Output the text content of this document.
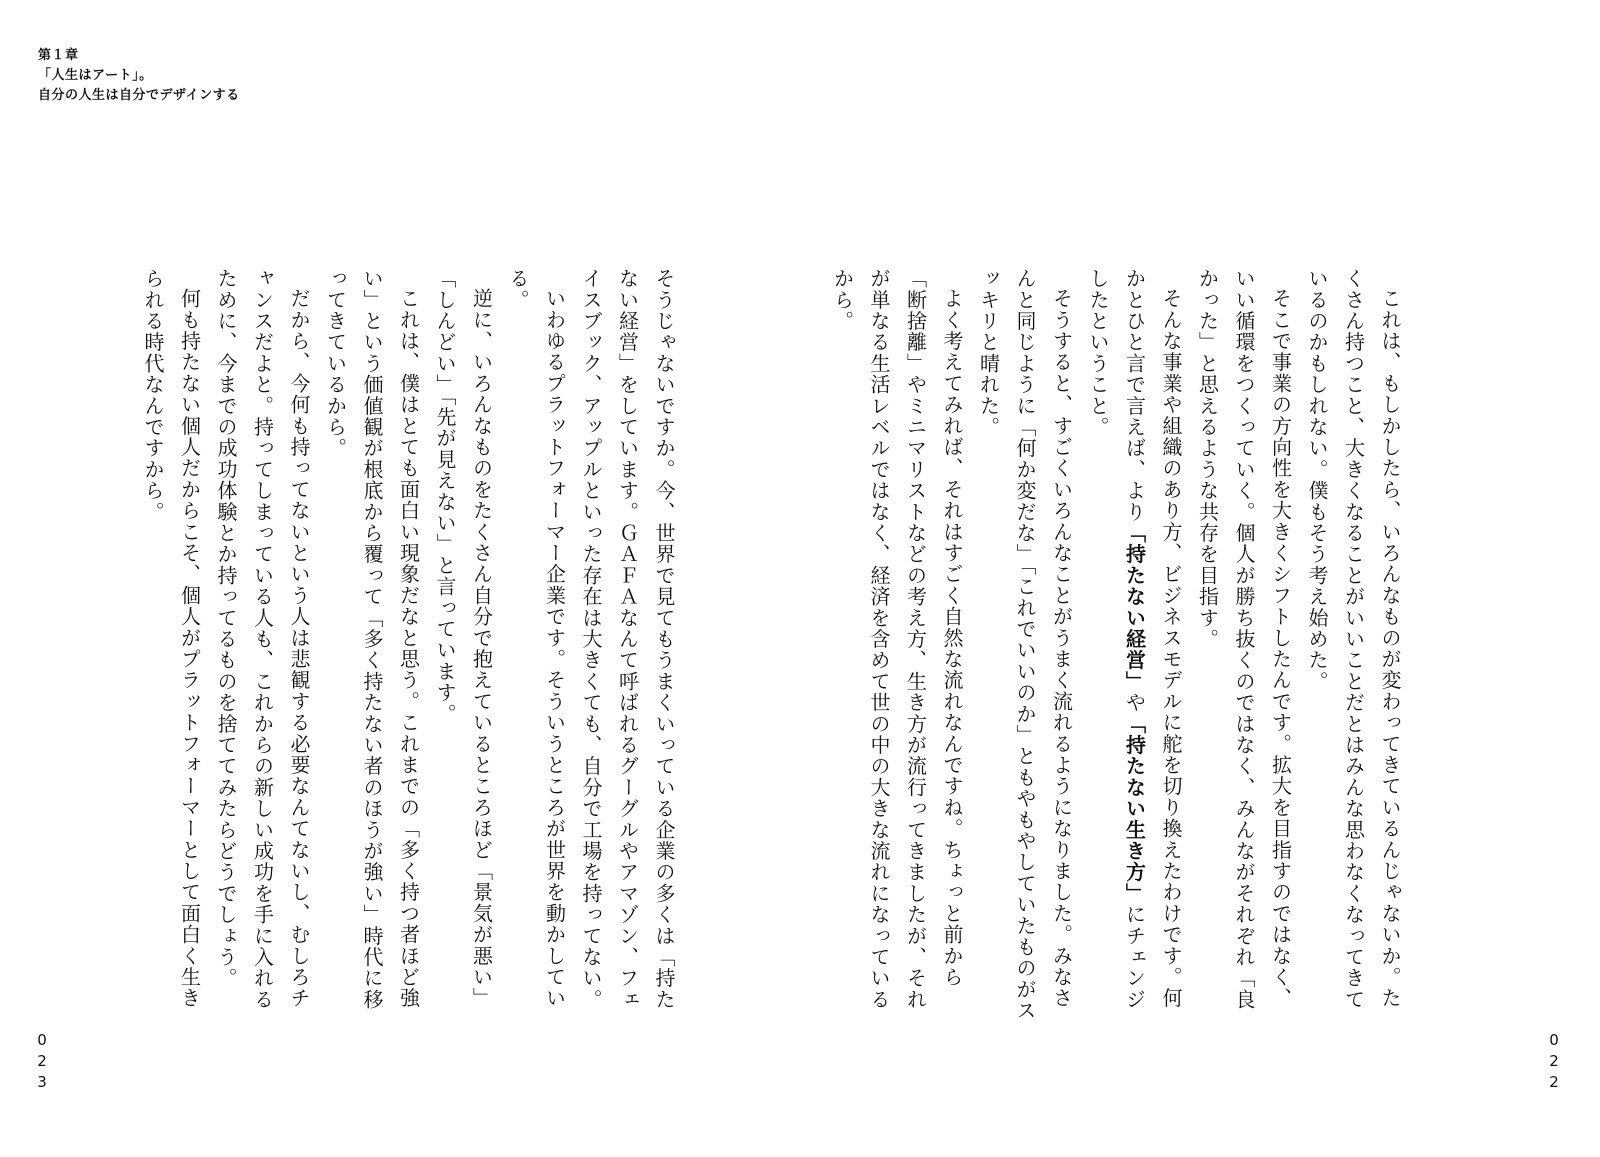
第１章
「人生はアート」。
自分の人生は自分でデザインする

これは、もしかしたら、いろんなものが変わってきているんじゃないか。たくさん持つこと、大きくなることがいいことだとはみんな思わなくなってきているのかもしれない。僕もそう考え始めた。

そこで事業の方向性を大きくシフトしたんです。拡大を目指すのではなく、いい循環をつくっていく。個人が勝ち抜くのではなく、みんながそれぞれ「良かった」と思えるような共存を目指す。

そんな事業や組織のあり方、ビジネスモデルに舵を切り換えたわけです。何かとひと言で言えば、より「持たない経営」や「持たない生き方」にチェンジしたということ。

そうすると、すごくいろんなことがうまく流れるようになりました。みなさんと同じように「何か変だな」「これでいいのか」ともやもやしていたものがスッキリと晴れた。

よく考えてみれば、それはすごく自然な流れなんですね。ちょっと前から「断捨離」やミニマリストなどの考え方、生き方が流行ってきましたが、それが単なる生活レベルではなく、経済を含めて世の中の大きな流れになっているから。

そうじゃないですか。今、世界で見てもうまくいっている企業の多くは「持たない経営」をしています。ＧＡＦＡなんて呼ばれるグーグルやアマゾン、フェイスブック、アップルといった存在は大きくても、自分で工場を持ってない。

いわゆるプラットフォーマー企業です。そういうところが世界を動かしている。

逆に、いろんなものをたくさん自分で抱えているところほど「景気が悪い」「しんどい」「先が見えない」と言っています。

これは、僕はとても面白い現象だなと思う。これまでの「多く持つ者ほど強い」という価値観が根底から覆って「多く持たない者のほうが強い」時代に移ってきているから。

だから、今何も持ってないという人は悲観する必要なんてないし、むしろチャンスだよと。持ってしまっている人も、これからの新しい成功を手に入れるために、今までの成功体験とか持ってるものを捨ててみたらどうでしょう。

何も持たない個人だからこそ、個人がプラットフォーマーとして面白く生きられる時代なんですから。

023	022
